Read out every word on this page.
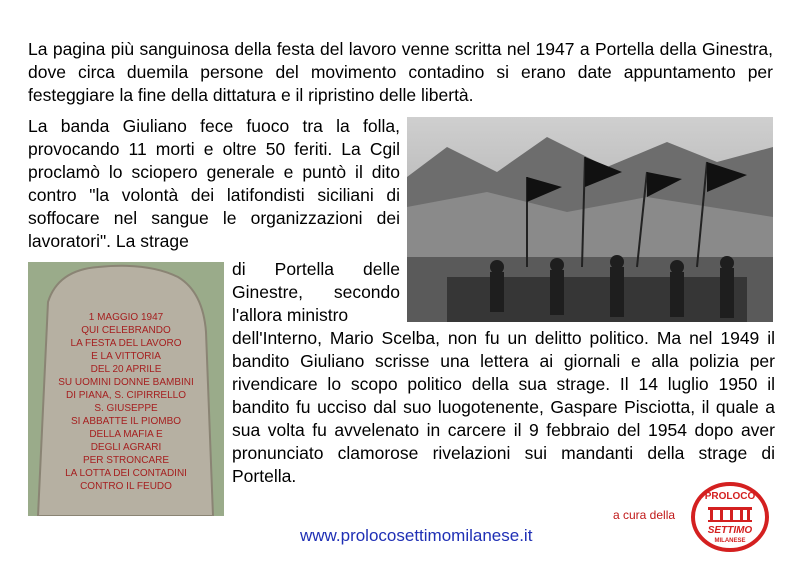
La pagina più sanguinosa della festa del lavoro venne scritta nel 1947 a Portella della Ginestra, dove circa duemila persone del movimento contadino si erano date appuntamento per festeggiare la fine della dittatura e il ripristino delle libertà.
La banda Giuliano fece fuoco tra la folla, provocando 11 morti e oltre 50 feriti. La Cgil proclamò lo sciopero generale e puntò il dito contro "la volontà dei latifondisti siciliani di soffocare nel sangue le organizzazioni dei lavoratori". La strage
di Portella delle Ginestre, secondo l'allora ministro
dell'Interno, Mario Scelba, non fu un delitto politico. Ma nel 1949 il bandito Giuliano scrisse una lettera ai giornali e alla polizia per rivendicare lo scopo politico della sua strage. Il 14 luglio 1950 il bandito fu ucciso dal suo luogotenente, Gaspare Pisciotta, il quale a sua volta fu avvelenato in carcere il 9 febbraio del 1954 dopo aver pronunciato clamorose rivelazioni sui mandanti della strage di Portella.
1 MAGGIO 1947
QUI CELEBRANDO
LA FESTA DEL LAVORO
E LA VITTORIA
DEL 20 APRILE
SU UOMINI DONNE BAMBINI
DI PIANA, S. CIPIRRELLO
S. GIUSEPPE
SI ABBATTE IL PIOMBO
DELLA MAFIA E
DEGLI AGRARI
PER STRONCARE
LA LOTTA DEI CONTADINI
CONTRO IL FEUDO
www.prolocosettimomilanese.it
a cura della
PROLOCO
SETTIMO
MILANESE
